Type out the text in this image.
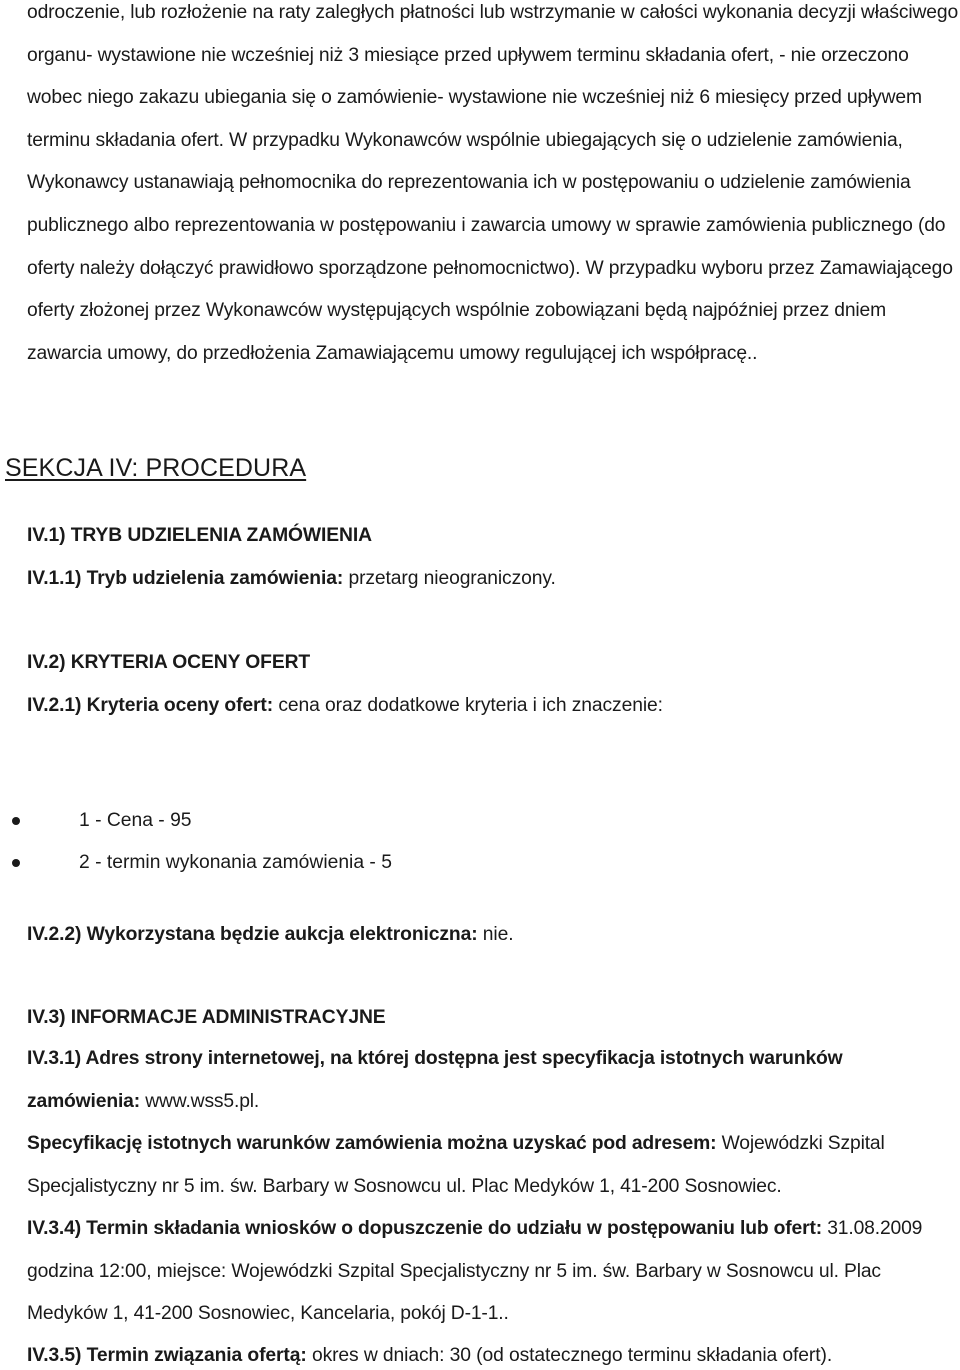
odroczenie, lub rozłożenie na raty zaległych płatności lub wstrzymanie w całości wykonania decyzji właściwego organu- wystawione nie wcześniej niż 3 miesiące przed upływem terminu składania ofert, - nie orzeczono wobec niego zakazu ubiegania się o zamówienie- wystawione nie wcześniej niż 6 miesięcy przed upływem terminu składania ofert. W przypadku Wykonawców wspólnie ubiegających się o udzielenie zamówienia, Wykonawcy ustanawiają pełnomocnika do reprezentowania ich w postępowaniu o udzielenie zamówienia publicznego albo reprezentowania w postępowaniu i zawarcia umowy w sprawie zamówienia publicznego (do oferty należy dołączyć prawidłowo sporządzone pełnomocnictwo). W przypadku wyboru przez Zamawiającego oferty złożonej przez Wykonawców występujących wspólnie zobowiązani będą najpóźniej przez dniem zawarcia umowy, do przedłożenia Zamawiającemu umowy regulującej ich współpracę..

SEKCJA IV: PROCEDURA

IV.1) TRYB UDZIELENIA ZAMÓWIENIA

IV.1.1) Tryb udzielenia zamówienia: przetarg nieograniczony.

IV.2) KRYTERIA OCENY OFERT

IV.2.1) Kryteria oceny ofert: cena oraz dodatkowe kryteria i ich znaczenie:

1 - Cena - 95
2 - termin wykonania zamówienia - 5

IV.2.2) Wykorzystana będzie aukcja elektroniczna: nie.

IV.3) INFORMACJE ADMINISTRACYJNE

IV.3.1) Adres strony internetowej, na której dostępna jest specyfikacja istotnych warunków zamówienia: www.wss5.pl.

Specyfikację istotnych warunków zamówienia można uzyskać pod adresem: Wojewódzki Szpital Specjalistyczny nr 5 im. św. Barbary w Sosnowcu ul. Plac Medyków 1, 41-200 Sosnowiec.

IV.3.4) Termin składania wniosków o dopuszczenie do udziału w postępowaniu lub ofert: 31.08.2009 godzina 12:00, miejsce: Wojewódzki Szpital Specjalistyczny nr 5 im. św. Barbary w Sosnowcu ul. Plac Medyków 1, 41-200 Sosnowiec, Kancelaria, pokój D-1-1..

IV.3.5) Termin związania ofertą: okres w dniach: 30 (od ostatecznego terminu składania ofert).
